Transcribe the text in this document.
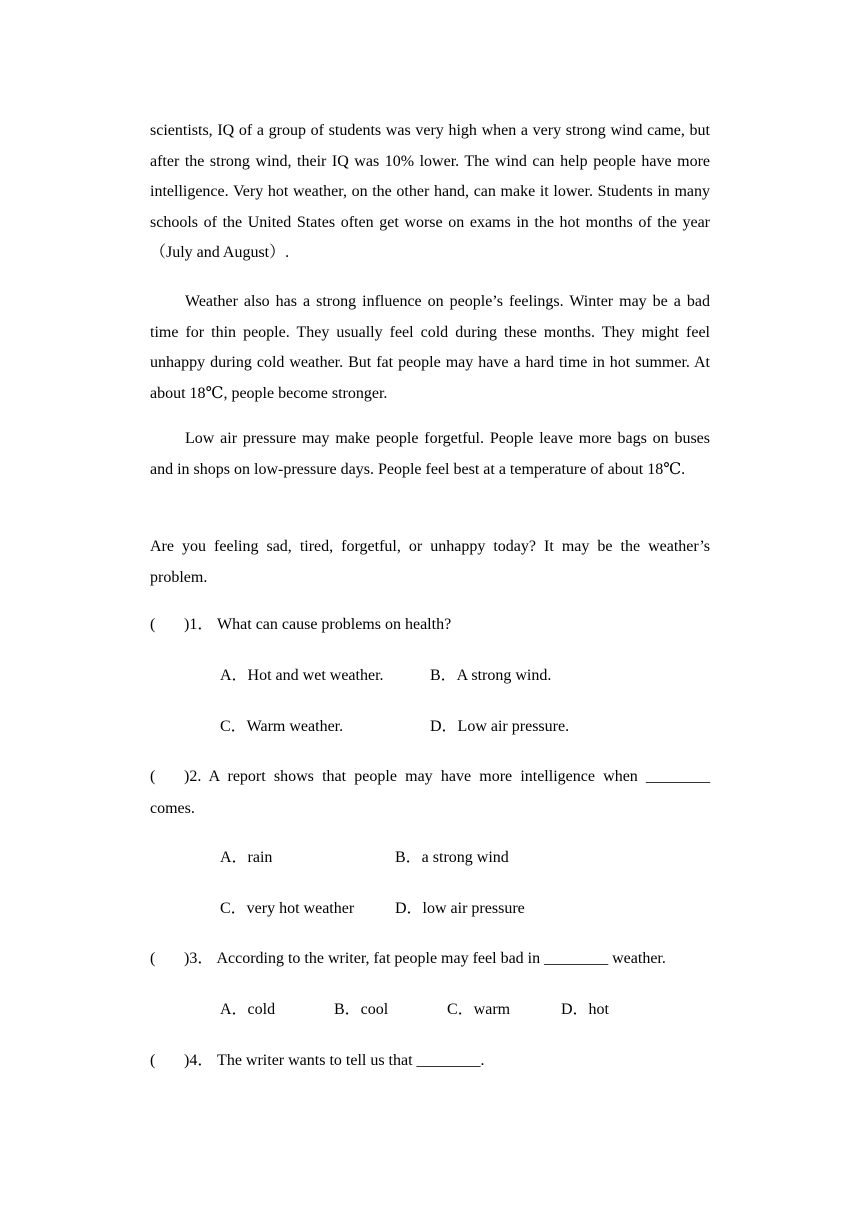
scientists, IQ of a group of students was very high when a very strong wind came, but after the strong wind, their IQ was 10% lower. The wind can help people have more intelligence. Very hot weather, on the other hand, can make it lower. Students in many schools of the United States often get worse on exams in the hot months of the year（July and August）.

Weather also has a strong influence on people’s feelings. Winter may be a bad time for thin people. They usually feel cold during these months. They might feel unhappy during cold weather. But fat people may have a hard time in hot summer. At about 18℃, people become stronger.

Low air pressure may make people forgetful. People leave more bags on buses and in shops on low-pressure days. People feel best at a temperature of about 18℃.

Are you feeling sad, tired, forgetful, or unhappy today? It may be the weather’s problem.

( )1． What can cause problems on health?
A．Hot and wet weather.	B．A strong wind.
C．Warm weather.	D．Low air pressure.
( )2. A report shows that people may have more intelligence when ________ comes.
A．rain	B．a strong wind
C．very hot weather	D．low air pressure
( )3． According to the writer, fat people may feel bad in ________ weather.
A．cold	B．cool	C．warm	D．hot
( )4． The writer wants to tell us that ________.
